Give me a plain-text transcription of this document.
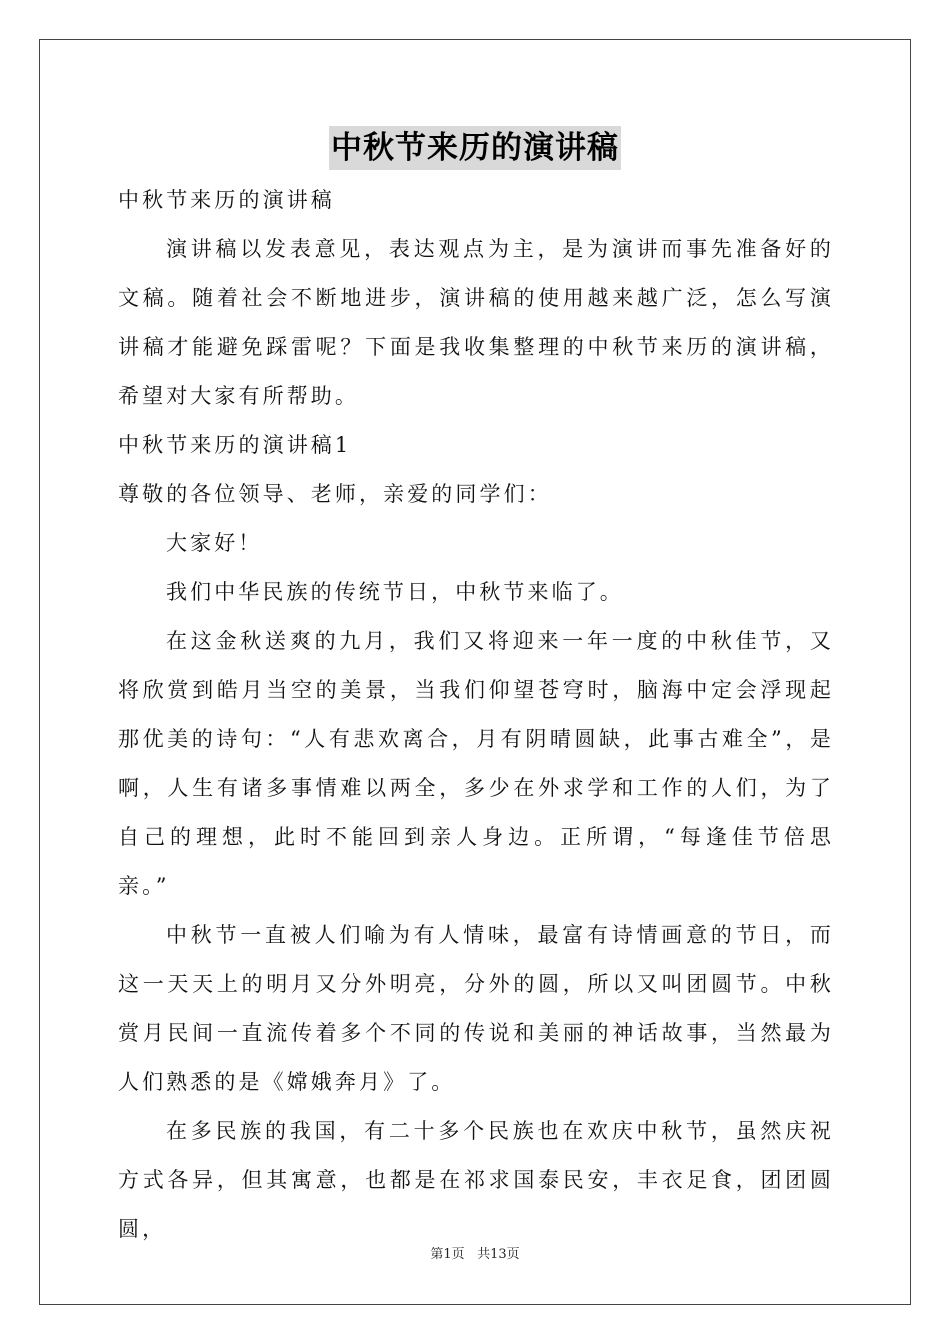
中秋节来历的演讲稿

中秋节来历的演讲稿

演讲稿以发表意见，表达观点为主，是为演讲而事先准备好的文稿。随着社会不断地进步，演讲稿的使用越来越广泛，怎么写演讲稿才能避免踩雷呢？下面是我收集整理的中秋节来历的演讲稿，希望对大家有所帮助。

中秋节来历的演讲稿1

尊敬的各位领导、老师，亲爱的同学们：

大家好！

我们中华民族的传统节日，中秋节来临了。

在这金秋送爽的九月，我们又将迎来一年一度的中秋佳节，又将欣赏到皓月当空的美景，当我们仰望苍穹时，脑海中定会浮现起那优美的诗句：“人有悲欢离合，月有阴晴圆缺，此事古难全”，是啊，人生有诸多事情难以两全，多少在外求学和工作的人们，为了自己的理想，此时不能回到亲人身边。正所谓，“每逢佳节倍思亲。”

中秋节一直被人们喻为有人情味，最富有诗情画意的节日，而这一天天上的明月又分外明亮，分外的圆，所以又叫团圆节。中秋赏月民间一直流传着多个不同的传说和美丽的神话故事，当然最为人们熟悉的是《嫦娥奔月》了。

在多民族的我国，有二十多个民族也在欢庆中秋节，虽然庆祝方式各异，但其寓意，也都是在祁求国泰民安，丰衣足食，团团圆圆，

第1页 共13页
